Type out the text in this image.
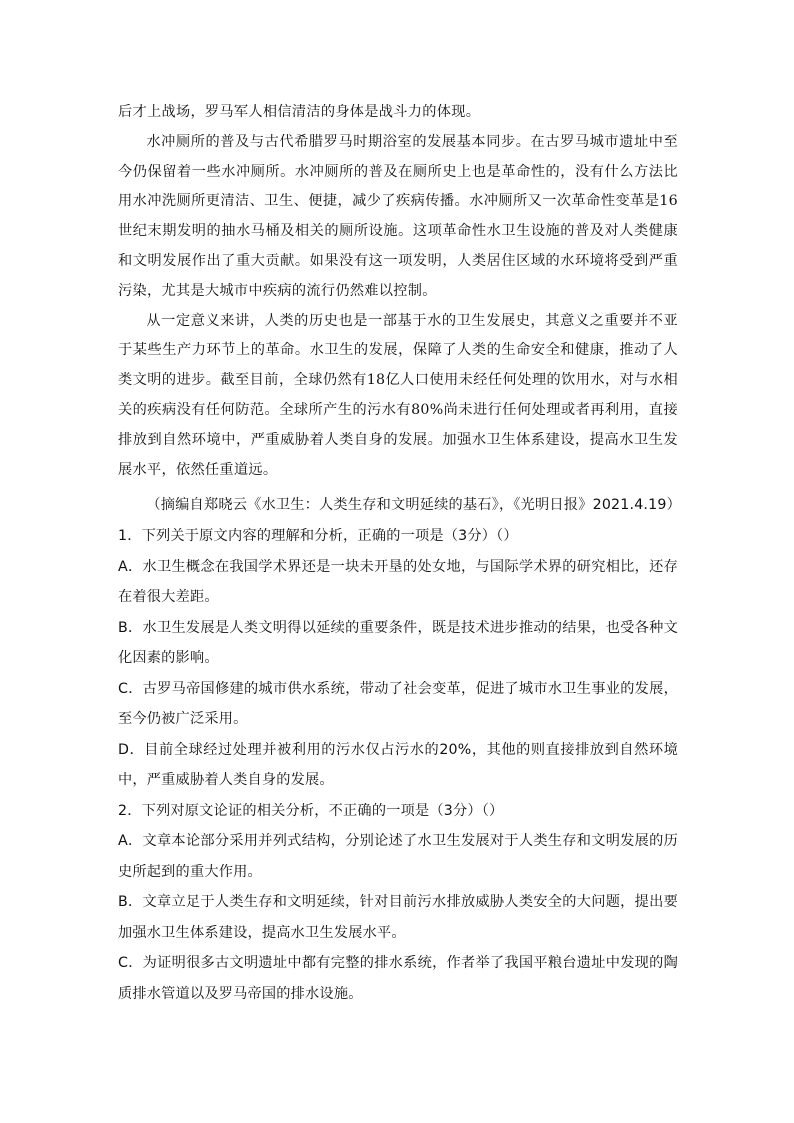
后才上战场，罗马军人相信清洁的身体是战斗力的体现。

水冲厕所的普及与古代希腊罗马时期浴室的发展基本同步。在古罗马城市遗址中至今仍保留着一些水冲厕所。水冲厕所的普及在厕所史上也是革命性的，没有什么方法比用水冲洗厕所更清洁、卫生、便捷，减少了疾病传播。水冲厕所又一次革命性变革是16世纪末期发明的抽水马桶及相关的厕所设施。这项革命性水卫生设施的普及对人类健康和文明发展作出了重大贡献。如果没有这一项发明，人类居住区域的水环境将受到严重污染，尤其是大城市中疾病的流行仍然难以控制。

从一定意义来讲，人类的历史也是一部基于水的卫生发展史，其意义之重要并不亚于某些生产力环节上的革命。水卫生的发展，保障了人类的生命安全和健康，推动了人类文明的进步。截至目前，全球仍然有18亿人口使用未经任何处理的饮用水，对与水相关的疾病没有任何防范。全球所产生的污水有80%尚未进行任何处理或者再利用，直接排放到自然环境中，严重威胁着人类自身的发展。加强水卫生体系建设，提高水卫生发展水平，依然任重道远。

（摘编自郑晓云《水卫生：人类生存和文明延续的基石》，《光明日报》2021.4.19）

1．下列关于原文内容的理解和分析，正确的一项是（3分）（）

A．水卫生概念在我国学术界还是一块未开垦的处女地，与国际学术界的研究相比，还存在着很大差距。
B．水卫生发展是人类文明得以延续的重要条件，既是技术进步推动的结果，也受各种文化因素的影响。
C．古罗马帝国修建的城市供水系统，带动了社会变革，促进了城市水卫生事业的发展，至今仍被广泛采用。
D．目前全球经过处理并被利用的污水仅占污水的20%，其他的则直接排放到自然环境中，严重威胁着人类自身的发展。

2．下列对原文论证的相关分析，不正确的一项是（3分）（）

A．文章本论部分采用并列式结构，分别论述了水卫生发展对于人类生存和文明发展的历史所起到的重大作用。
B．文章立足于人类生存和文明延续，针对目前污水排放威胁人类安全的大问题，提出要加强水卫生体系建设，提高水卫生发展水平。
C．为证明很多古文明遗址中都有完整的排水系统，作者举了我国平粮台遗址中发现的陶质排水管道以及罗马帝国的排水设施。
